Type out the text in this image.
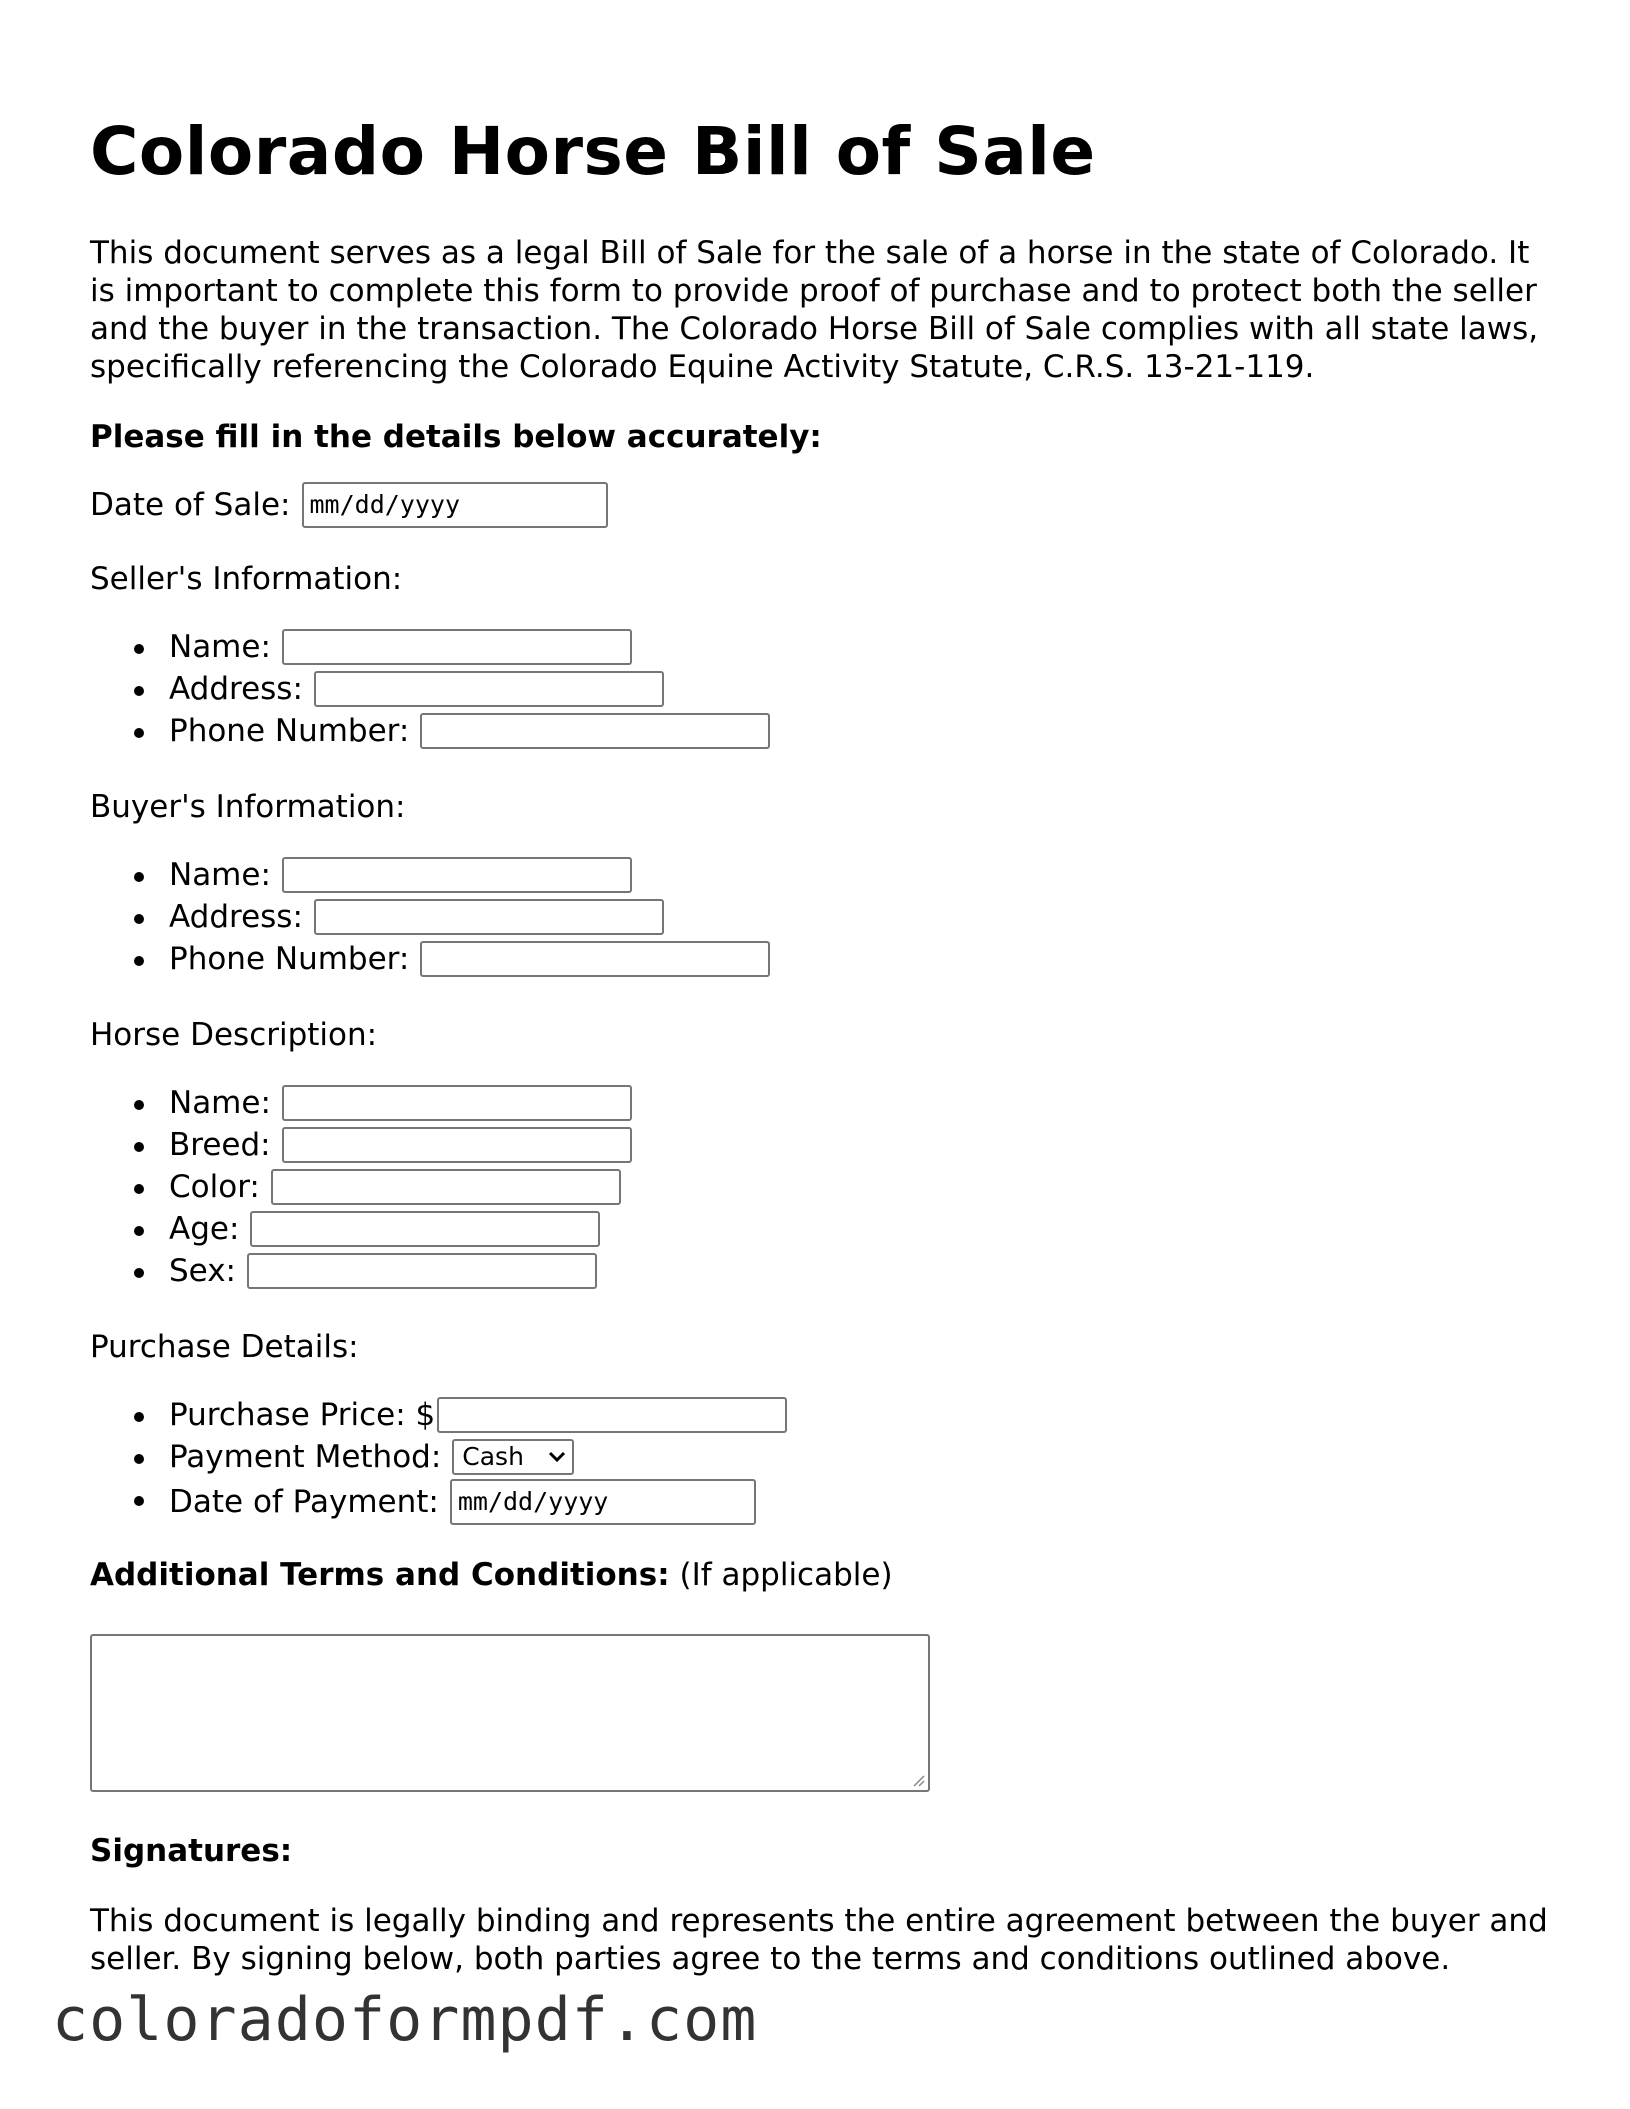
Colorado Horse Bill of Sale

This document serves as a legal Bill of Sale for the sale of a horse in the state of Colorado. It is important to complete this form to provide proof of purchase and to protect both the seller and the buyer in the transaction. The Colorado Horse Bill of Sale complies with all state laws, specifically referencing the Colorado Equine Activity Statute, C.R.S. 13-21-119.

Please fill in the details below accurately:

Date of Sale: mm/dd/yyyy

Seller's Information:

Name:
Address:
Phone Number:

Buyer's Information:

Name:
Address:
Phone Number:

Horse Description:

Name:
Breed:
Color:
Age:
Sex:

Purchase Details:

Purchase Price: $
Payment Method: Cash
Date of Payment: mm/dd/yyyy

Additional Terms and Conditions: (If applicable)

Signatures:

This document is legally binding and represents the entire agreement between the buyer and seller. By signing below, both parties agree to the terms and conditions outlined above.

coloradoformpdf.com
